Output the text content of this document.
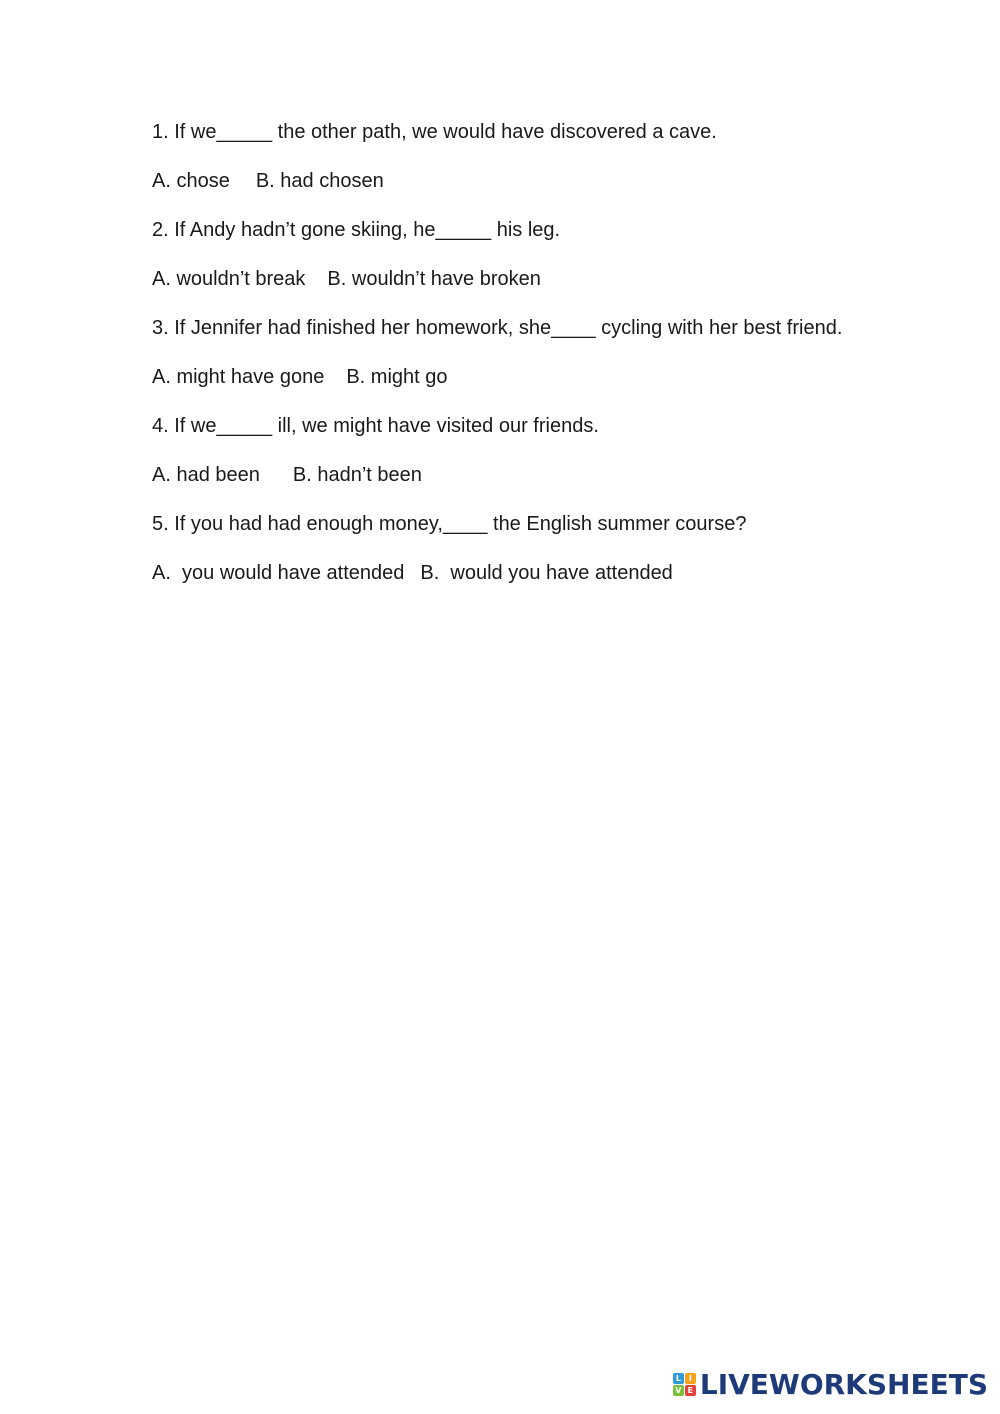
1. If we_____ the other path, we would have discovered a cave.

A. chose B. had chosen

2. If Andy hadn’t gone skiing, he_____ his leg.

A. wouldn’t break B. wouldn’t have broken

3. If Jennifer had finished her homework, she____ cycling with her best friend.

A. might have gone B. might go

4. If we_____ ill, we might have visited our friends.

A. had been B. hadn’t been

5. If you had had enough money,____ the English summer course?

A.  you would have attended B.  would you have attended

L I
V E LIVEWORKSHEETS
